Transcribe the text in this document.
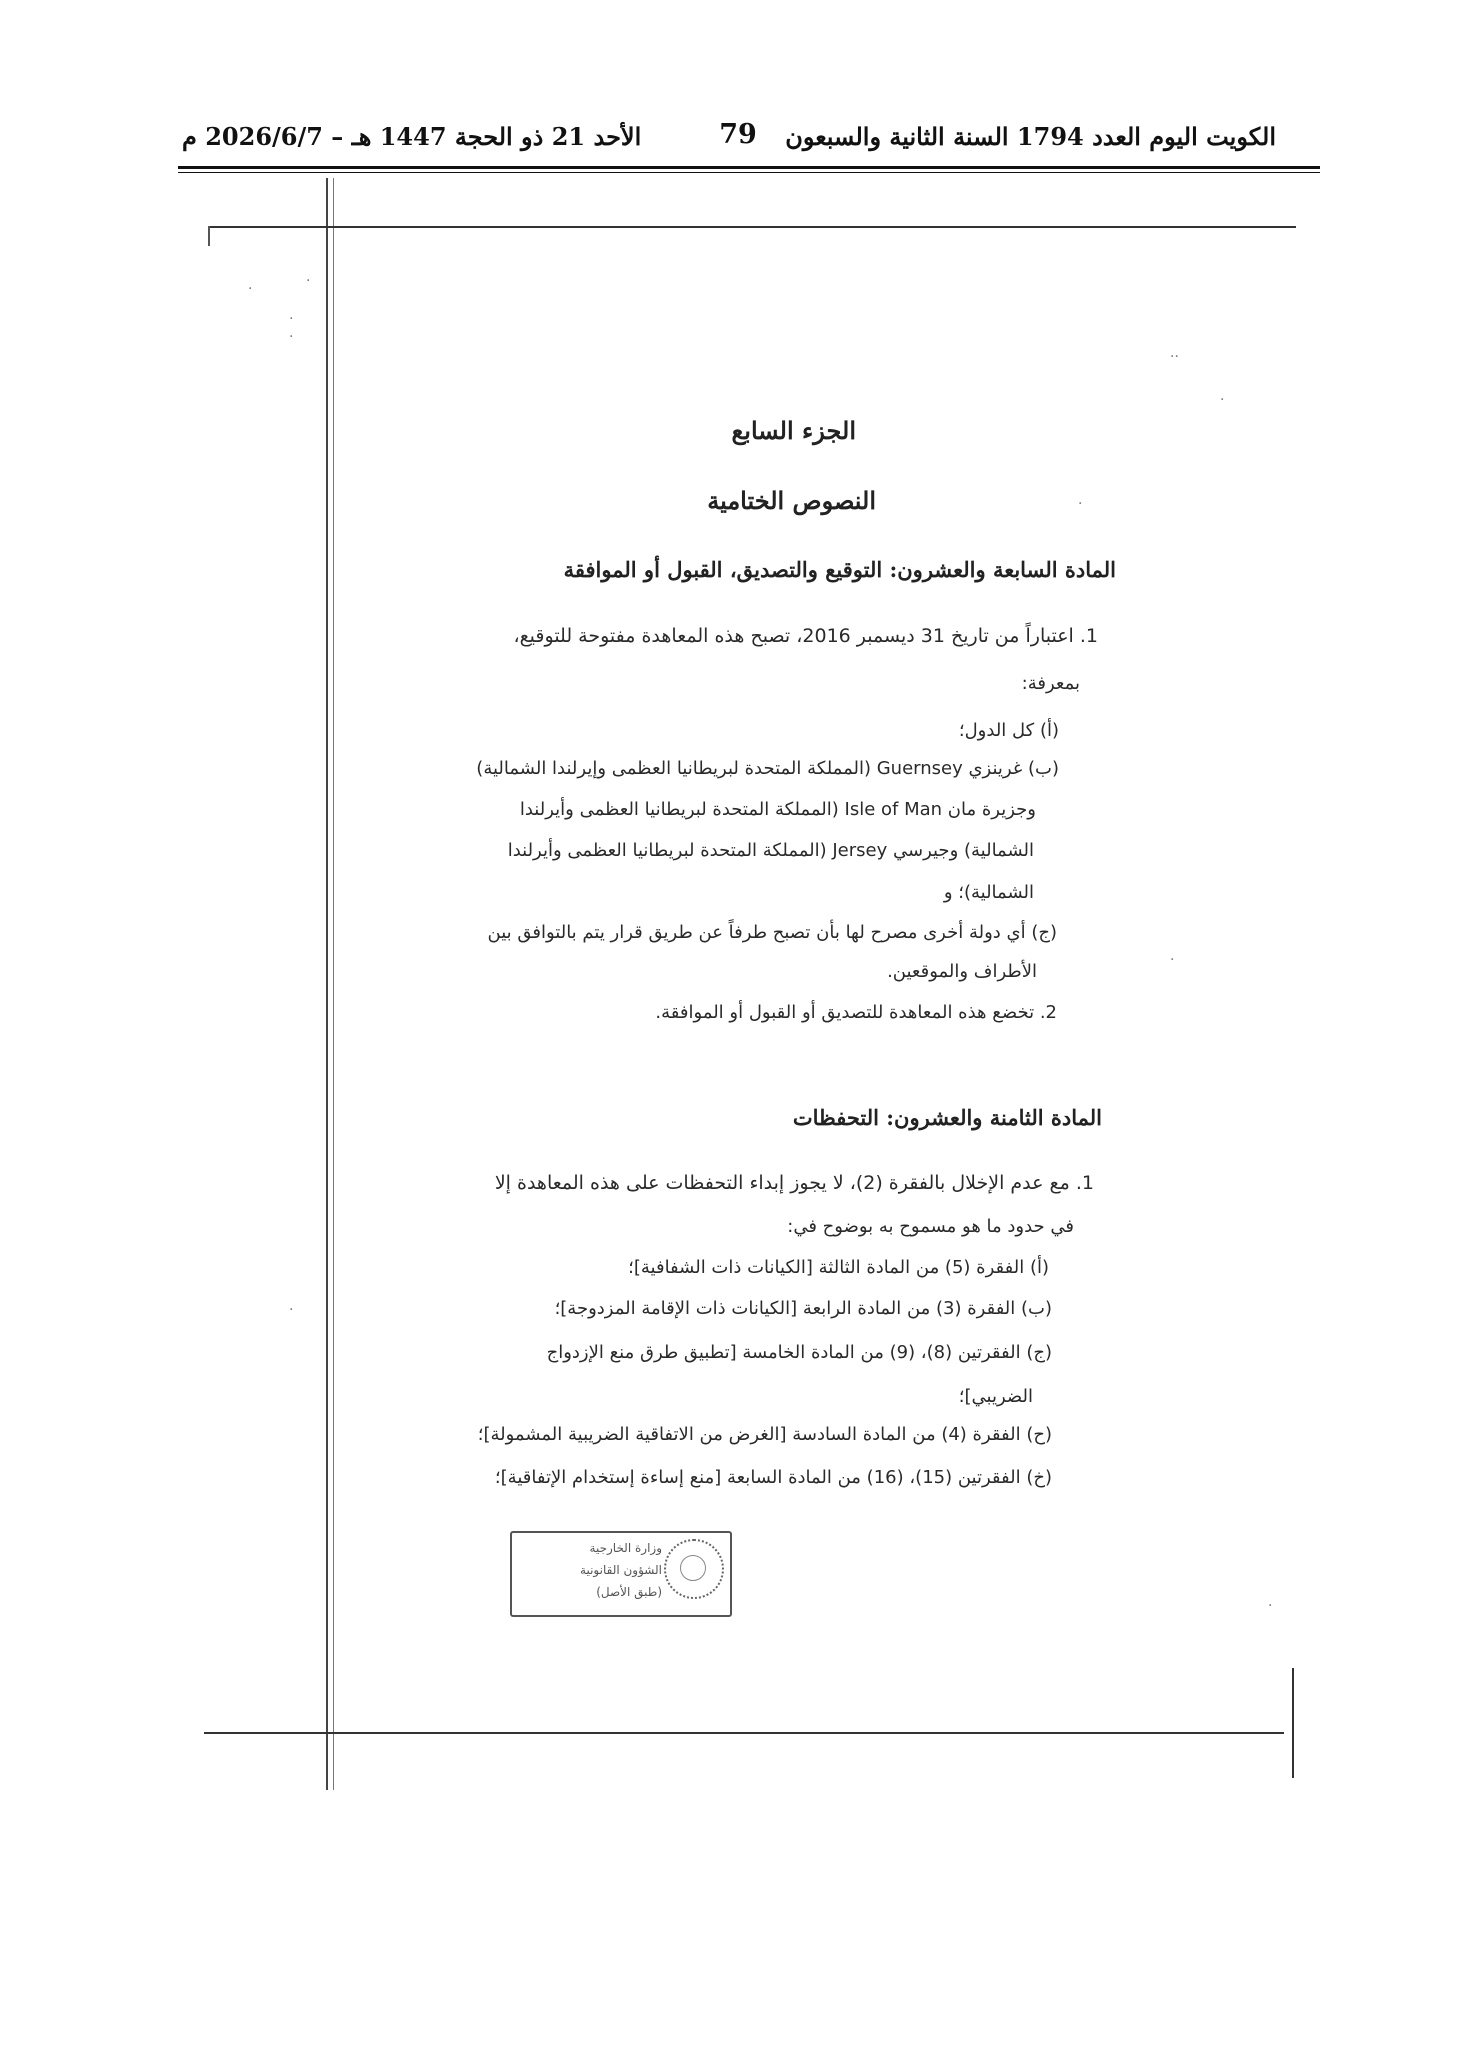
الكويت اليوم العدد 1794 السنة الثانية والسبعون
79
الأحد 21 ذو الحجة 1447 هـ – 2026/6/7 م
·	·
·
·
··
·
·
·
·
·
الجزء السابع
النصوص الختامية
المادة السابعة والعشرون: التوقيع والتصديق، القبول أو الموافقة
1. اعتباراً من تاريخ 31 ديسمبر 2016، تصبح هذه المعاهدة مفتوحة للتوقيع،
بمعرفة:
(أ) كل الدول؛
(ب) غرينزي Guernsey (المملكة المتحدة لبريطانيا العظمى وإيرلندا الشمالية)
وجزيرة مان Isle of Man (المملكة المتحدة لبريطانيا العظمى وأيرلندا
الشمالية) وجيرسي Jersey (المملكة المتحدة لبريطانيا العظمى وأيرلندا
الشمالية)؛ و
(ج) أي دولة أخرى مصرح لها بأن تصبح طرفاً عن طريق قرار يتم بالتوافق بين
الأطراف والموقعين.
2. تخضع هذه المعاهدة للتصديق أو القبول أو الموافقة.
المادة الثامنة والعشرون: التحفظات
1. مع عدم الإخلال بالفقرة (2)، لا يجوز إبداء التحفظات على هذه المعاهدة إلا
في حدود ما هو مسموح به بوضوح في:
(أ) الفقرة (5) من المادة الثالثة [الكيانات ذات الشفافية]؛
(ب) الفقرة (3) من المادة الرابعة [الكيانات ذات الإقامة المزدوجة]؛
(ج) الفقرتين (8)، (9) من المادة الخامسة [تطبيق طرق منع الإزدواج
الضريبي]؛
(ح) الفقرة (4) من المادة السادسة [الغرض من الاتفاقية الضريبية المشمولة]؛
(خ) الفقرتين (15)، (16) من المادة السابعة [منع إساءة إستخدام الإتفاقية]؛
وزارة الخارجية
الشؤون القانونية
(طبق الأصل)
